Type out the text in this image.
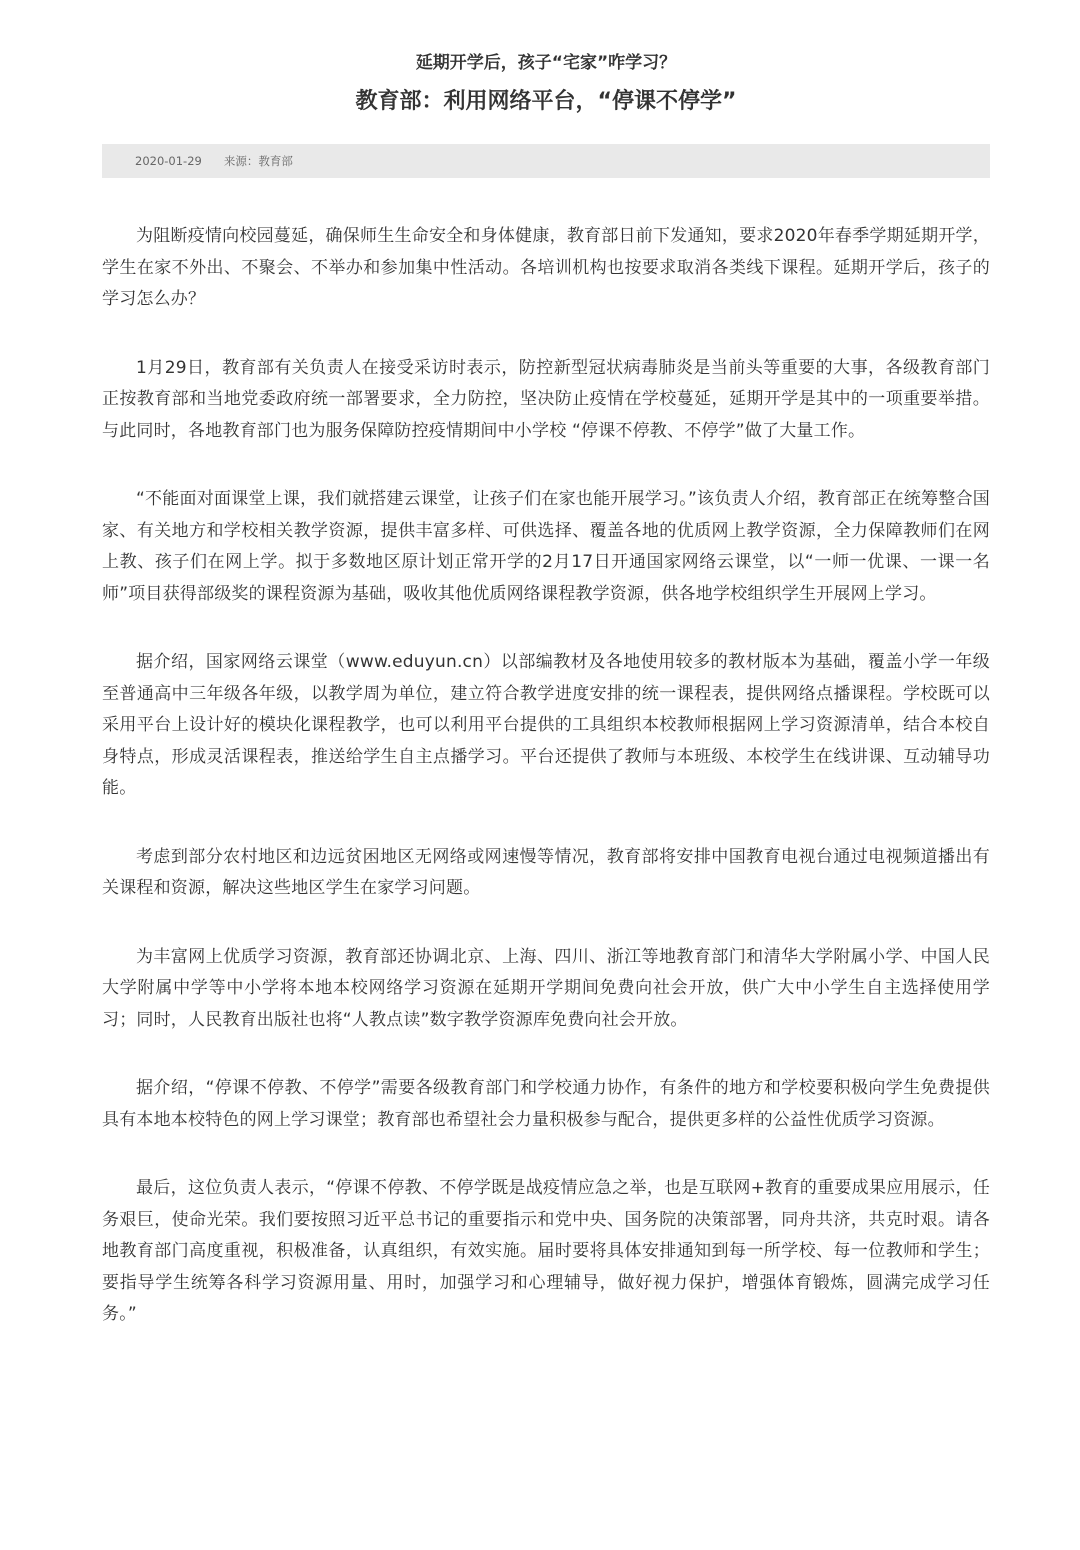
延期开学后，孩子“宅家”咋学习？
教育部：利用网络平台，“停课不停学”
2020-01-29 来源： 教育部

为阻断疫情向校园蔓延，确保师生生命安全和身体健康，教育部日前下发通知，要求2020年春季学期延期开学，学生在家不外出、不聚会、不举办和参加集中性活动。各培训机构也按要求取消各类线下课程。延期开学后，孩子的学习怎么办？

1月29日，教育部有关负责人在接受采访时表示，防控新型冠状病毒肺炎是当前头等重要的大事，各级教育部门正按教育部和当地党委政府统一部署要求，全力防控，坚决防止疫情在学校蔓延，延期开学是其中的一项重要举措。与此同时，各地教育部门也为服务保障防控疫情期间中小学校 “停课不停教、不停学”做了大量工作。

“不能面对面课堂上课，我们就搭建云课堂，让孩子们在家也能开展学习。”该负责人介绍，教育部正在统筹整合国家、有关地方和学校相关教学资源，提供丰富多样、可供选择、覆盖各地的优质网上教学资源，全力保障教师们在网上教、孩子们在网上学。拟于多数地区原计划正常开学的2月17日开通国家网络云课堂，以“一师一优课、一课一名师”项目获得部级奖的课程资源为基础，吸收其他优质网络课程教学资源，供各地学校组织学生开展网上学习。

据介绍，国家网络云课堂（www.eduyun.cn）以部编教材及各地使用较多的教材版本为基础，覆盖小学一年级至普通高中三年级各年级，以教学周为单位，建立符合教学进度安排的统一课程表，提供网络点播课程。学校既可以采用平台上设计好的模块化课程教学，也可以利用平台提供的工具组织本校教师根据网上学习资源清单，结合本校自身特点，形成灵活课程表，推送给学生自主点播学习。平台还提供了教师与本班级、本校学生在线讲课、互动辅导功能。

考虑到部分农村地区和边远贫困地区无网络或网速慢等情况，教育部将安排中国教育电视台通过电视频道播出有关课程和资源，解决这些地区学生在家学习问题。

为丰富网上优质学习资源，教育部还协调北京、上海、四川、浙江等地教育部门和清华大学附属小学、中国人民大学附属中学等中小学将本地本校网络学习资源在延期开学期间免费向社会开放，供广大中小学生自主选择使用学习；同时，人民教育出版社也将“人教点读”数字教学资源库免费向社会开放。

据介绍，“停课不停教、不停学”需要各级教育部门和学校通力协作，有条件的地方和学校要积极向学生免费提供具有本地本校特色的网上学习课堂；教育部也希望社会力量积极参与配合，提供更多样的公益性优质学习资源。

最后，这位负责人表示，“停课不停教、不停学既是战疫情应急之举，也是互联网+教育的重要成果应用展示，任务艰巨，使命光荣。我们要按照习近平总书记的重要指示和党中央、国务院的决策部署，同舟共济，共克时艰。请各地教育部门高度重视，积极准备，认真组织，有效实施。届时要将具体安排通知到每一所学校、每一位教师和学生；要指导学生统筹各科学习资源用量、用时，加强学习和心理辅导，做好视力保护，增强体育锻炼，圆满完成学习任务。”
